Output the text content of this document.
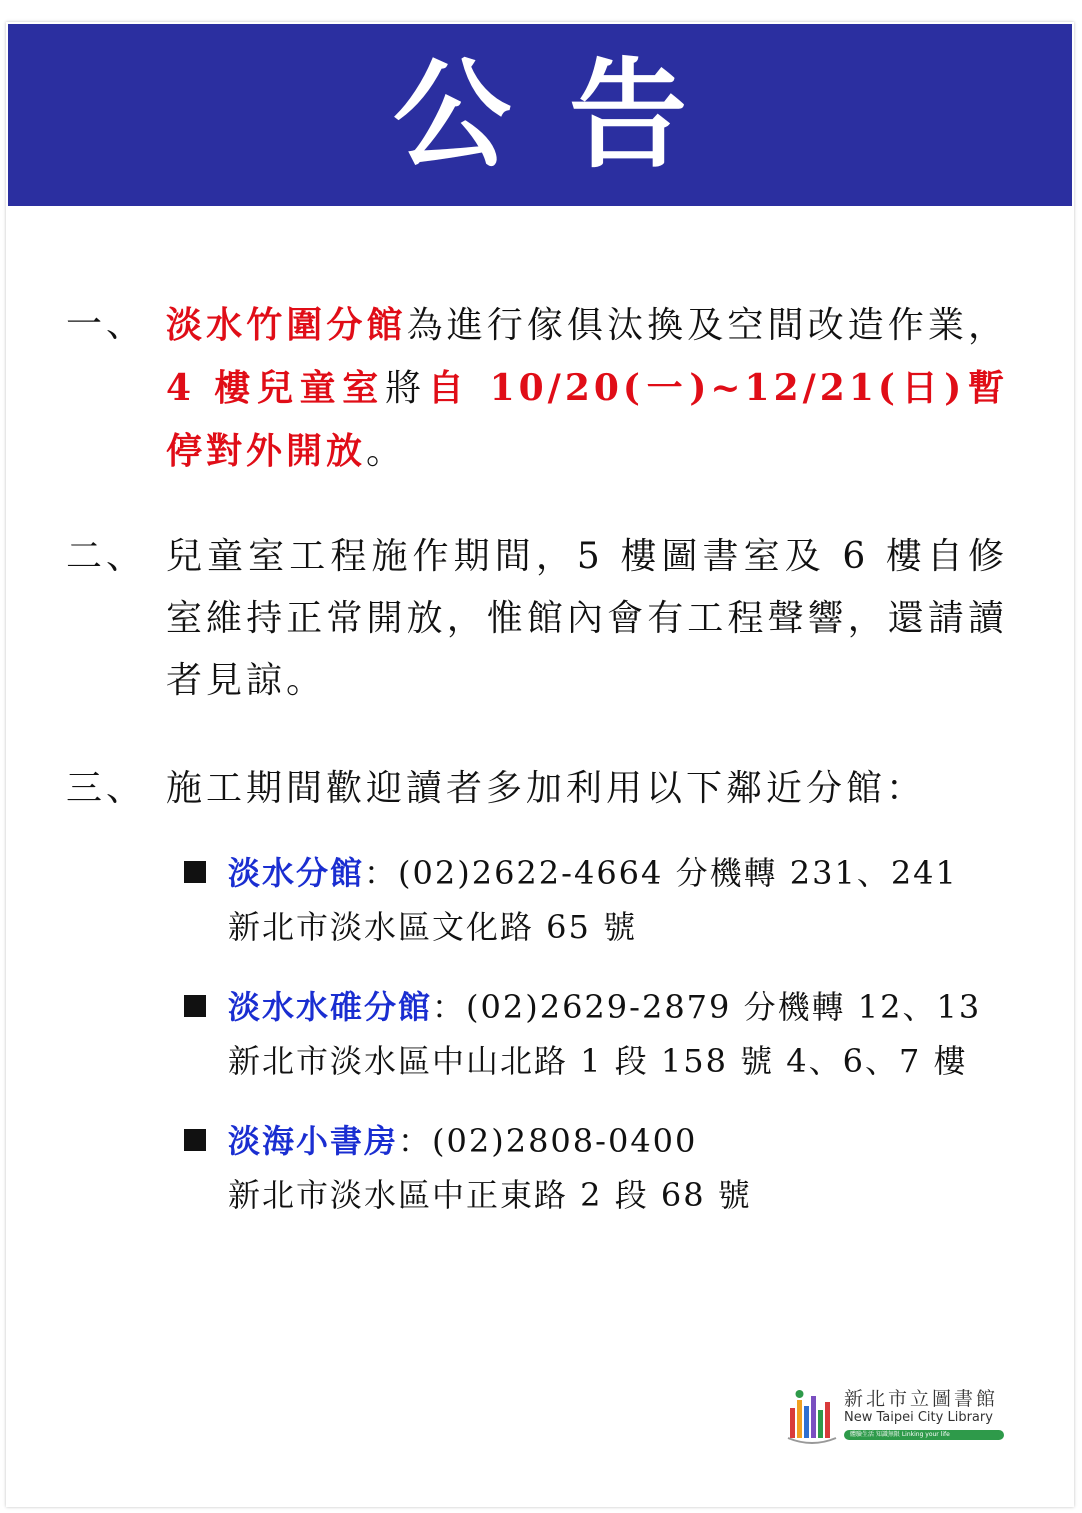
公告
一、 淡水竹圍分館為進行傢俱汰換及空間改造作業，4 樓兒童室將自 10/20(一)~12/21(日)暫停對外開放。
二、 兒童室工程施作期間，5 樓圖書室及 6 樓自修室維持正常開放，惟館內會有工程聲響，還請讀者見諒。
三、 施工期間歡迎讀者多加利用以下鄰近分館：
淡水分館：(02)2622-4664 分機轉 231、241
新北市淡水區文化路 65 號
淡水水碓分館：(02)2629-2879 分機轉 12、13
新北市淡水區中山北路 1 段 158 號 4、6、7 樓
淡海小書房：(02)2808-0400
新北市淡水區中正東路 2 段 68 號
新北市立圖書館
New Taipei City Library
體驗生活 知識無限 Linking your life
